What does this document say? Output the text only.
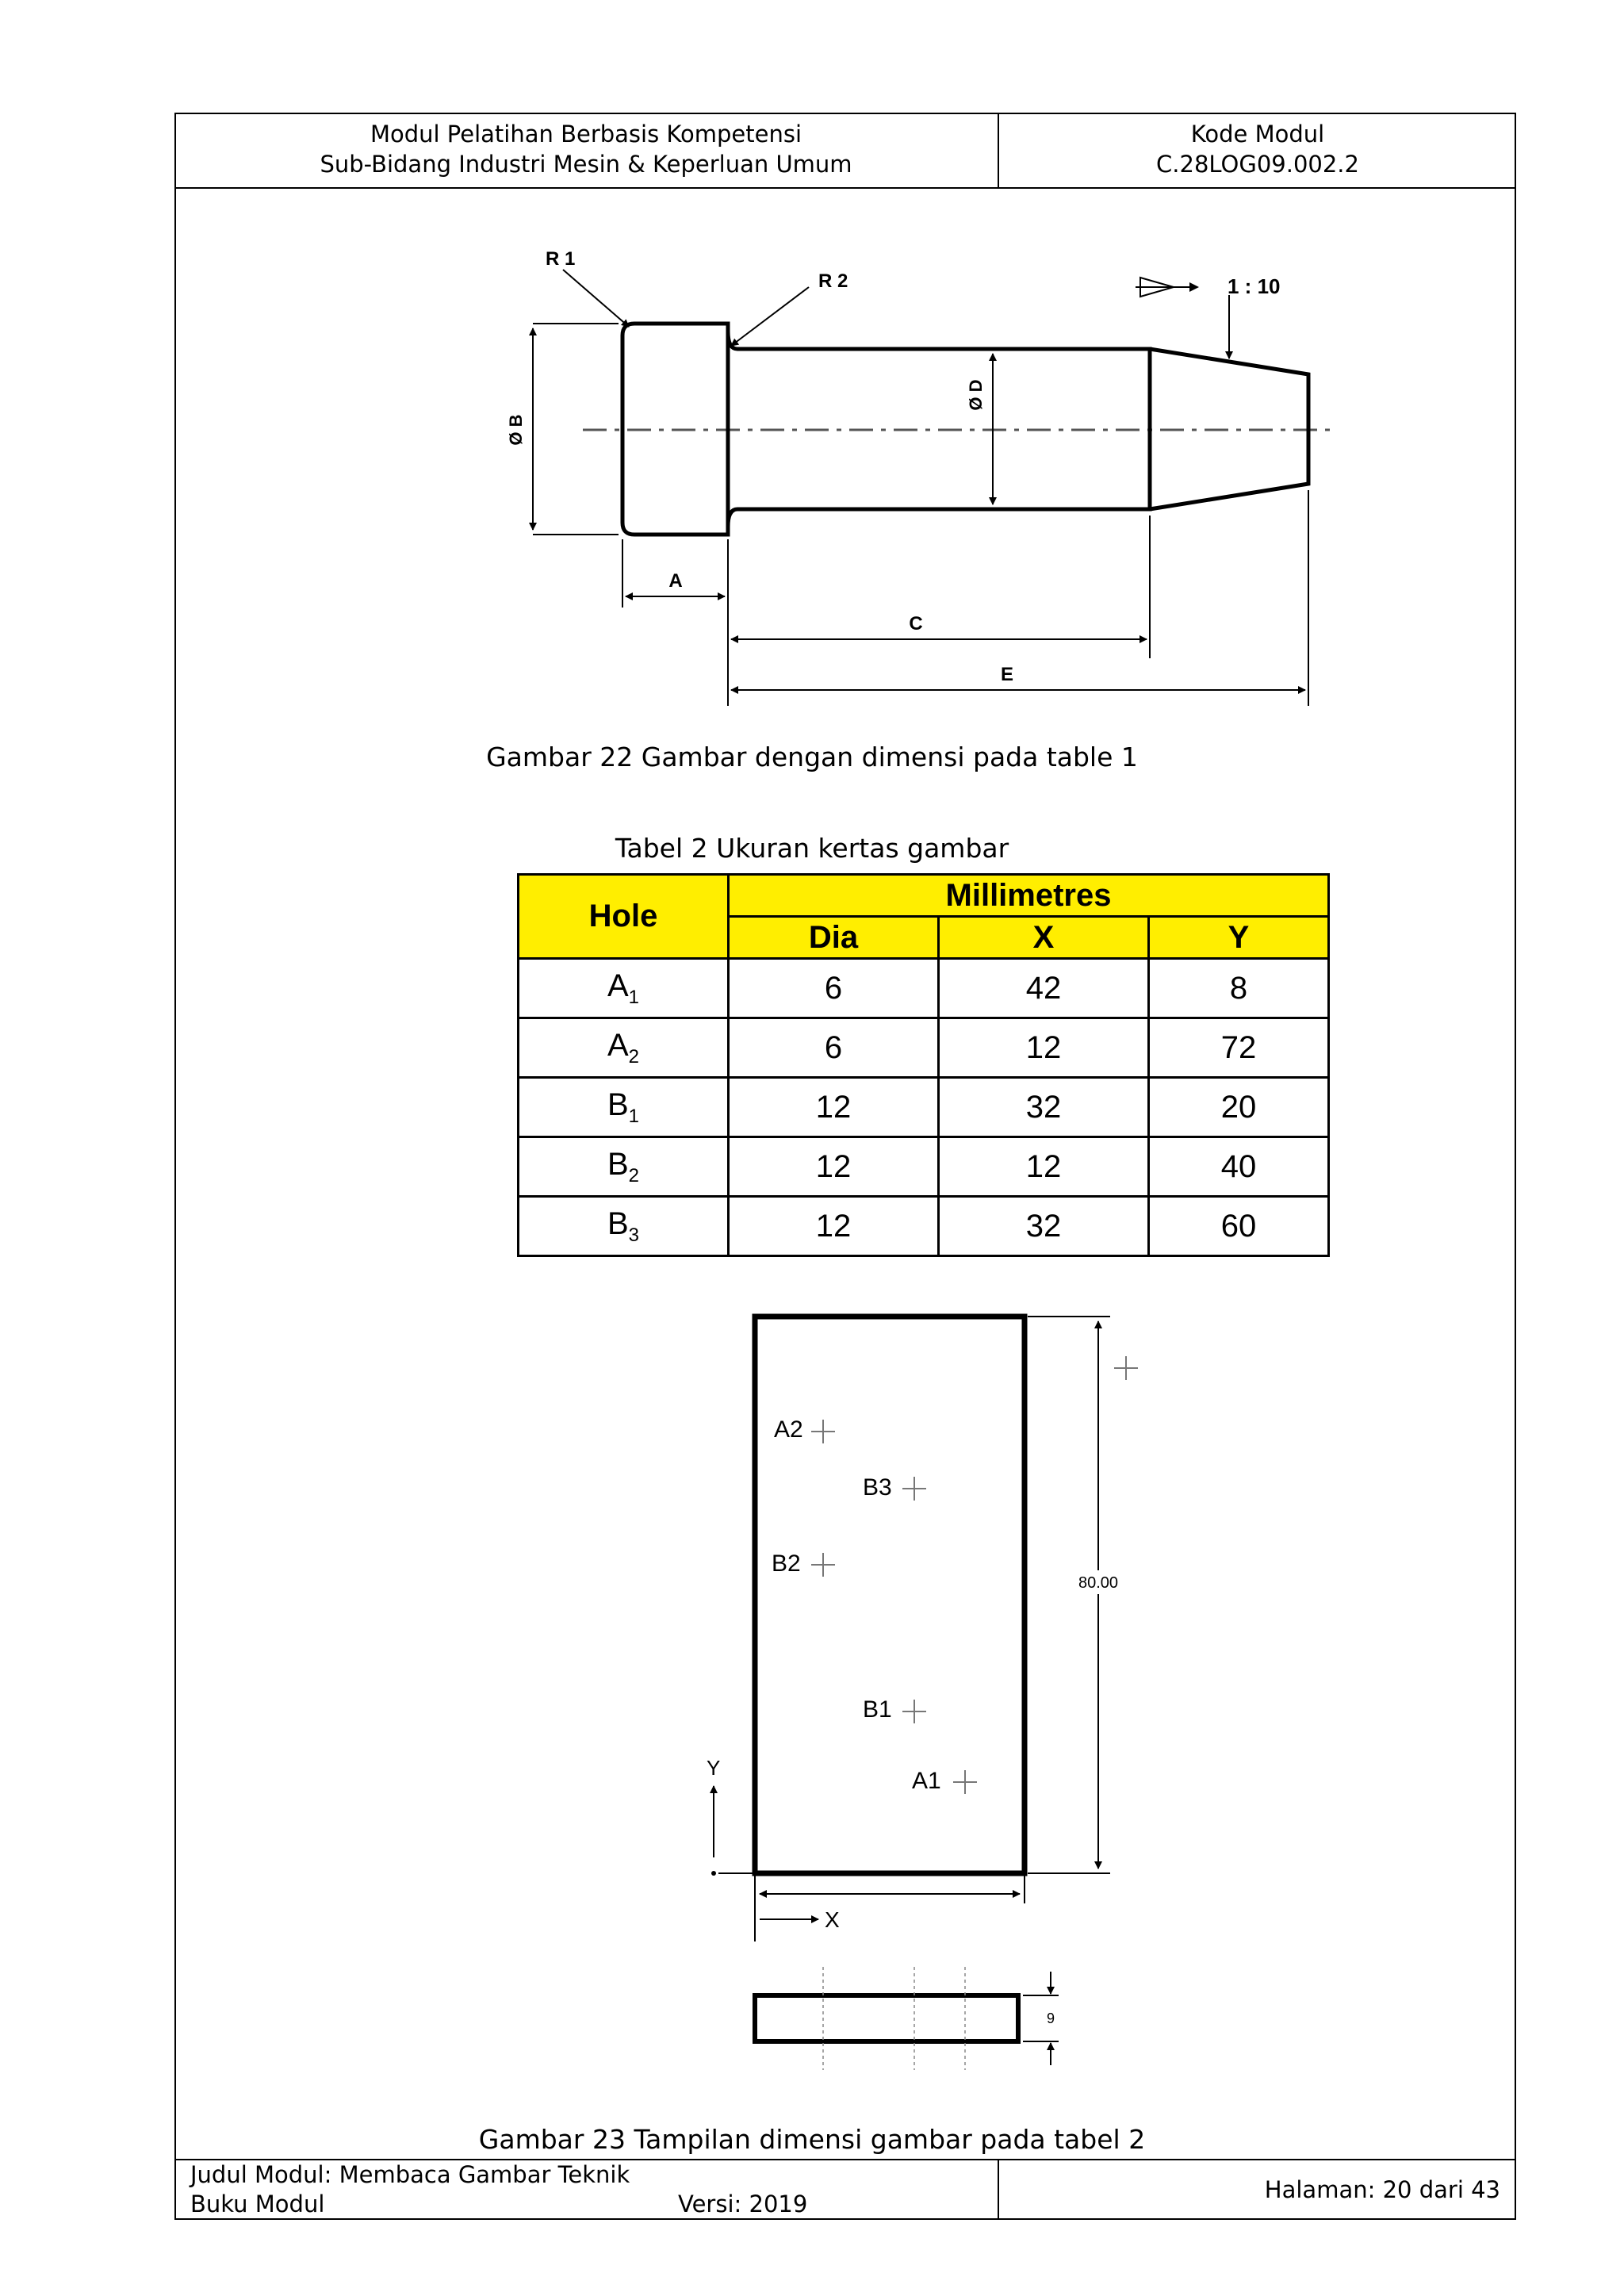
Modul Pelatihan Berbasis Kompetensi
Sub-Bidang Industri Mesin & Keperluan Umum
Kode Modul
C.28LOG09.002.2
Ø B
Ø D
A
C
E
R 1
R 2	1 : 10
Gambar 22 Gambar dengan dimensi pada table 1
Tabel 2 Ukuran kertas gambar
Hole	Millimetres		
	Dia	X	Y
$A_1$	6	42	8
$A_2$	6	12	72
$B_1$	12	32	20
$B_2$	12	12	40
$B_3$	12	32	60
A2
B3
B2
B1
A1
80.00
Y
X
9
Gambar 23 Tampilan dimensi gambar pada tabel 2
Judul Modul: Membaca Gambar Teknik
Buku Modul	Versi: 2019
Halaman: 20 dari 43
